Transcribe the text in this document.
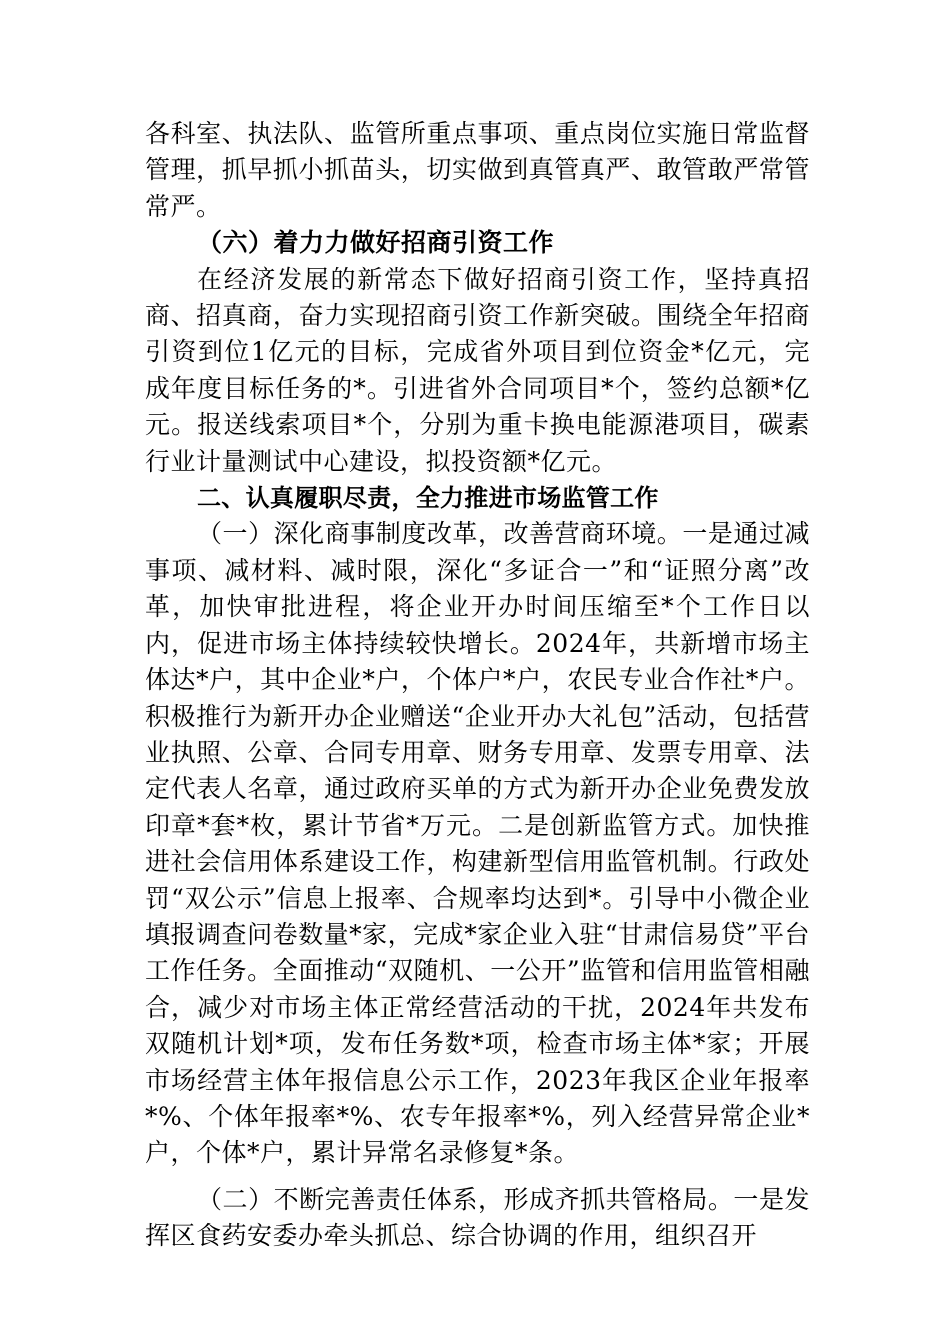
各科室、执法队、监管所重点事项、重点岗位实施日常监督管理，抓早抓小抓苗头，切实做到真管真严、敢管敢严常管常严。

（六）着力力做好招商引资工作

在经济发展的新常态下做好招商引资工作，坚持真招商、招真商，奋力实现招商引资工作新突破。围绕全年招商引资到位1亿元的目标，完成省外项目到位资金*亿元，完成年度目标任务的*。引进省外合同项目*个，签约总额*亿元。报送线索项目*个，分别为重卡换电能源港项目，碳素行业计量测试中心建设，拟投资额*亿元。

二、认真履职尽责，全力推进市场监管工作

（一）深化商事制度改革，改善营商环境。一是通过减事项、减材料、减时限，深化“多证合一”和“证照分离”改革，加快审批进程，将企业开办时间压缩至*个工作日以内，促进市场主体持续较快增长。2024年，共新增市场主体达*户，其中企业*户，个体户*户，农民专业合作社*户。积极推行为新开办企业赠送“企业开办大礼包”活动，包括营业执照、公章、合同专用章、财务专用章、发票专用章、法定代表人名章，通过政府买单的方式为新开办企业免费发放印章*套*枚，累计节省*万元。二是创新监管方式。加快推进社会信用体系建设工作，构建新型信用监管机制。行政处罚“双公示”信息上报率、合规率均达到*。引导中小微企业填报调查问卷数量*家，完成*家企业入驻“甘肃信易贷”平台工作任务。全面推动“双随机、一公开”监管和信用监管相融合，减少对市场主体正常经营活动的干扰，2024年共发布双随机计划*项，发布任务数*项，检查市场主体*家；开展市场经营主体年报信息公示工作，2023年我区企业年报率*%、个体年报率*%、农专年报率*%，列入经营异常企业*户，个体*户，累计异常名录修复*条。

（二）不断完善责任体系，形成齐抓共管格局。一是发挥区食药安委办牵头抓总、综合协调的作用，组织召开
